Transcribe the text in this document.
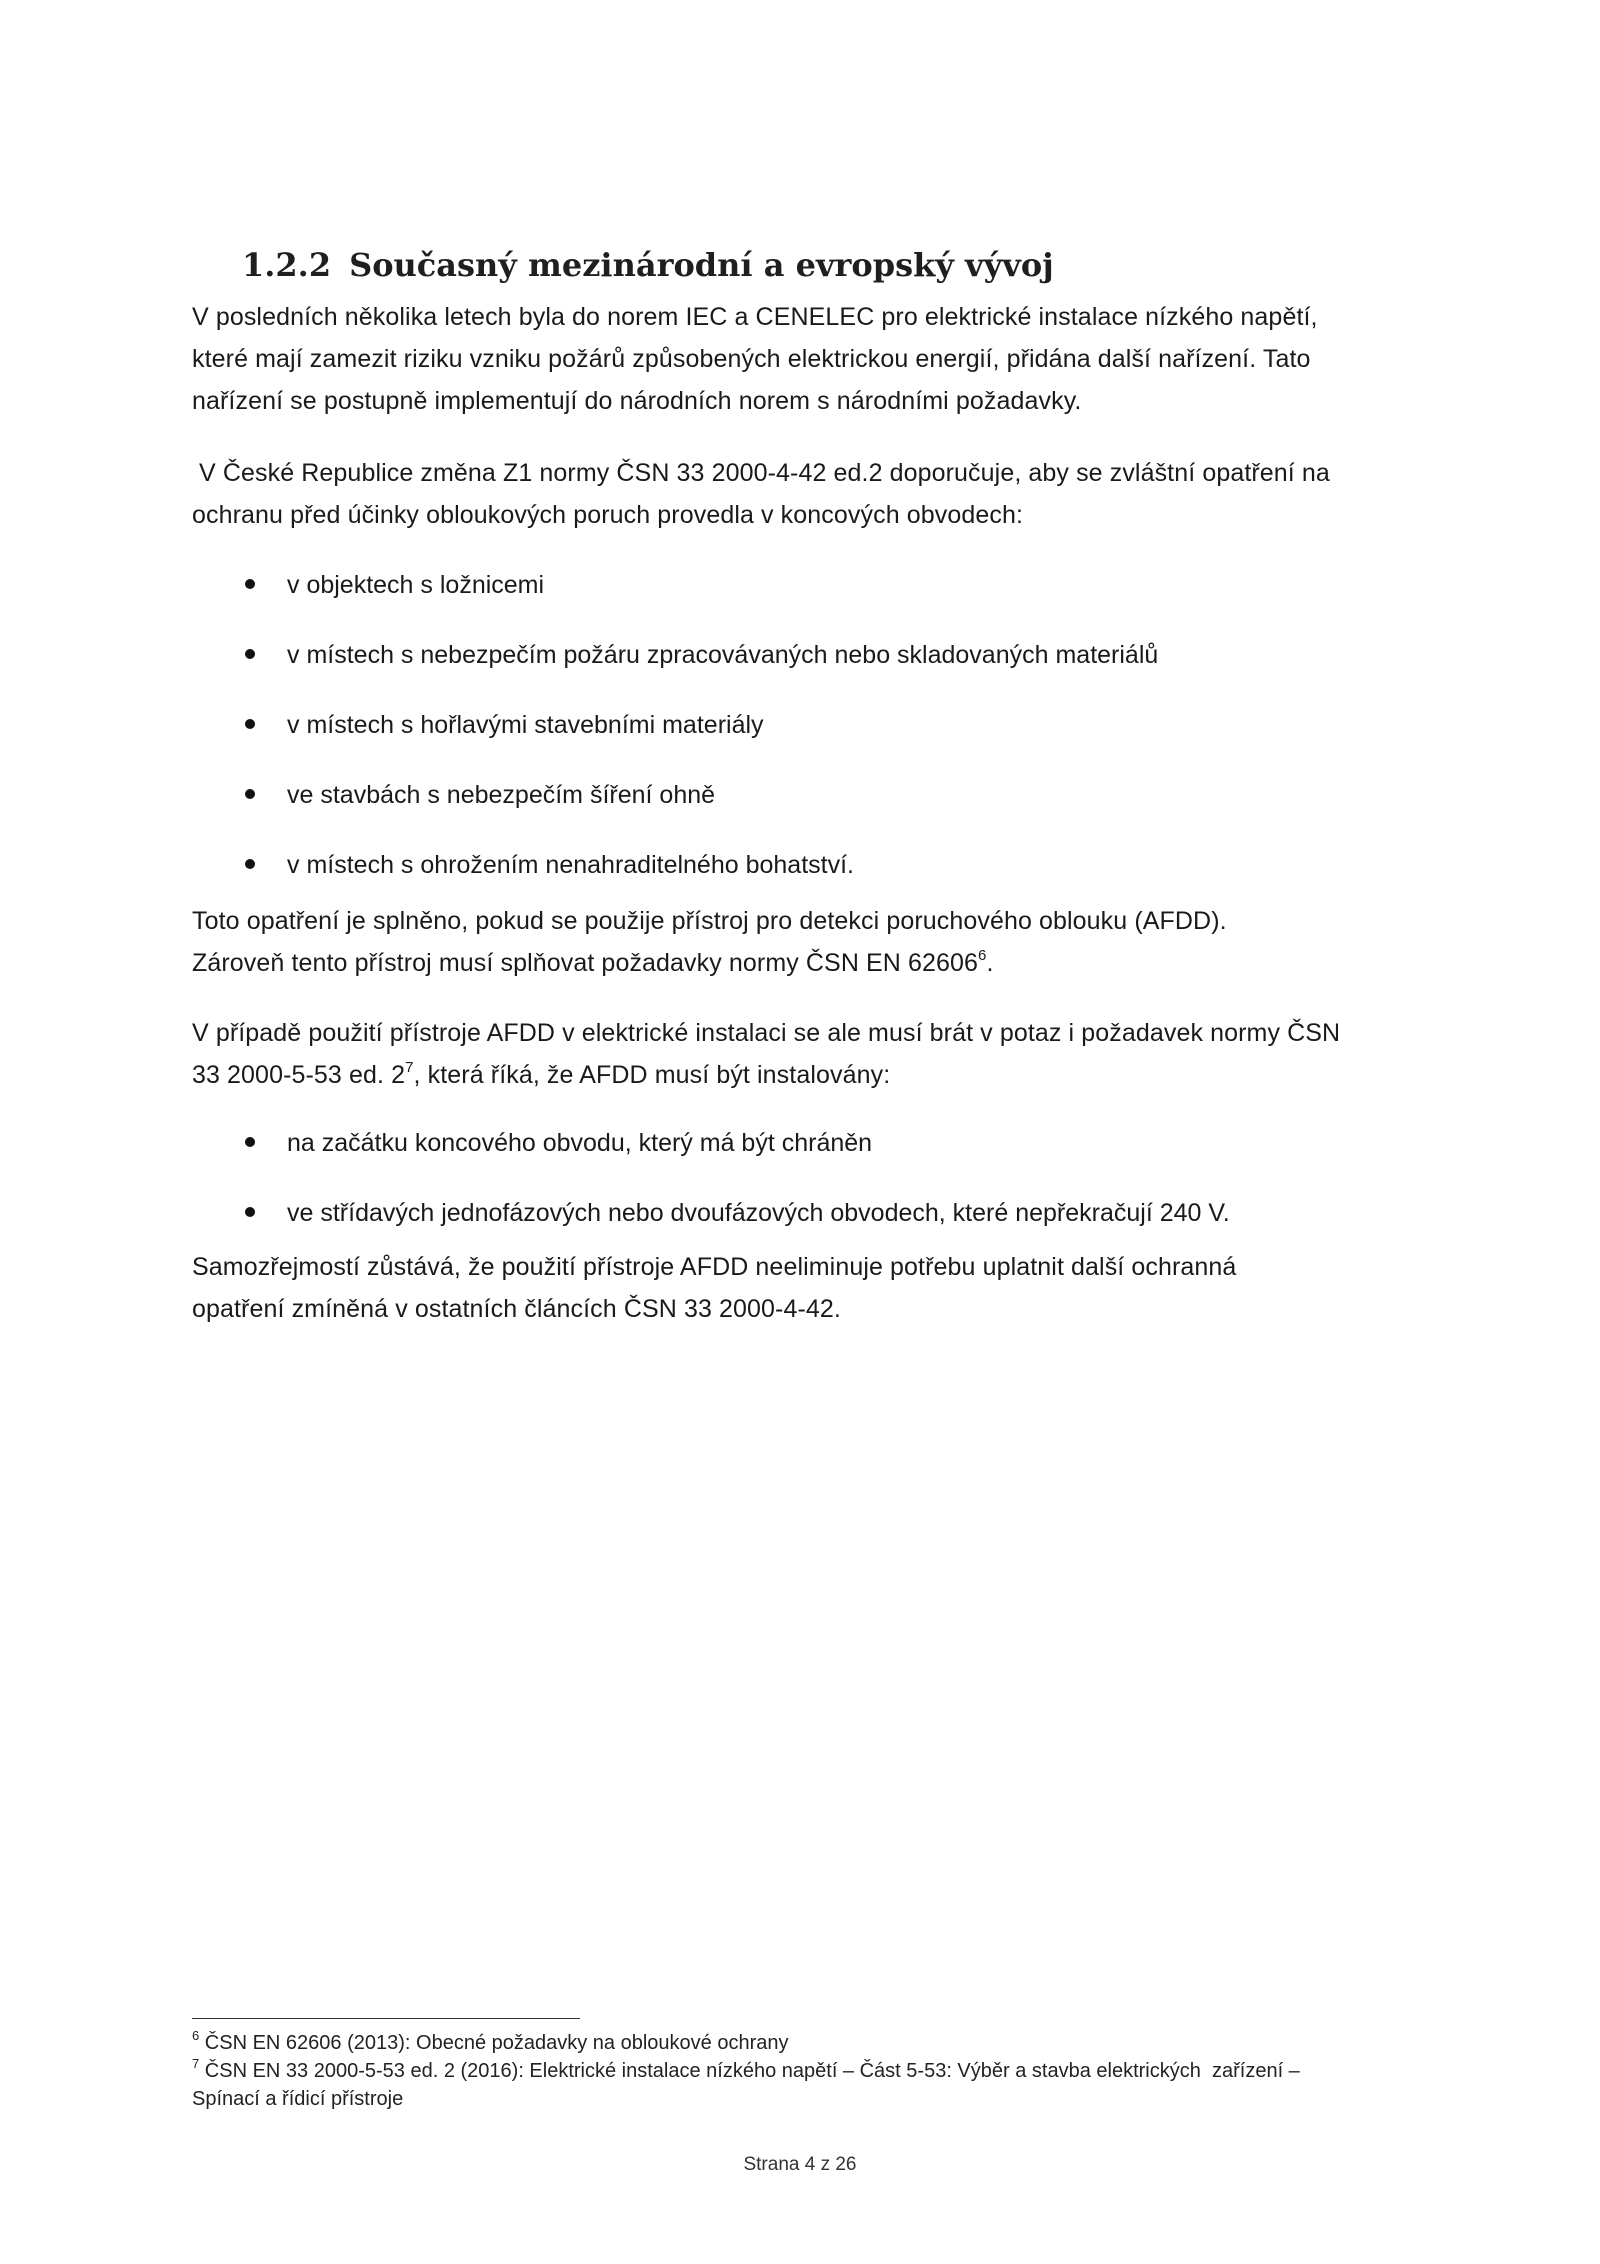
1.2.2 Současný mezinárodní a evropský vývoj
V posledních několika letech byla do norem IEC a CENELEC pro elektrické instalace nízkého napětí,
které mají zamezit riziku vzniku požárů způsobených elektrickou energií, přidána další nařízení. Tato
nařízení se postupně implementují do národních norem s národními požadavky.
V České Republice změna Z1 normy ČSN 33 2000-4-42 ed.2 doporučuje, aby se zvláštní opatření na
ochranu před účinky obloukových poruch provedla v koncových obvodech:
v objektech s ložnicemi
v místech s nebezpečím požáru zpracovávaných nebo skladovaných materiálů
v místech s hořlavými stavebními materiály
ve stavbách s nebezpečím šíření ohně
v místech s ohrožením nenahraditelného bohatství.
Toto opatření je splněno, pokud se použije přístroj pro detekci poruchového oblouku (AFDD).
Zároveň tento přístroj musí splňovat požadavky normy ČSN EN 62606$^6$.
V případě použití přístroje AFDD v elektrické instalaci se ale musí brát v potaz i požadavek normy ČSN
33 2000-5-53 ed. $2^7$, která říká, že AFDD musí být instalovány:
na začátku koncového obvodu, který má být chráněn
ve střídavých jednofázových nebo dvoufázových obvodech, které nepřekračují 240 V.
Samozřejmostí zůstává, že použití přístroje AFDD neeliminuje potřebu uplatnit další ochranná
opatření zmíněná v ostatních článcích ČSN 33 2000-4-42.
$^6$ ČSN EN 62606 (2013): Obecné požadavky na obloukové ochrany
$^7$ ČSN EN 33 2000-5-53 ed. 2 (2016): Elektrické instalace nízkého napětí – Část 5-53: Výběr a stavba elektrických  zařízení –
Spínací a řídicí přístroje
Strana 4 z 26
